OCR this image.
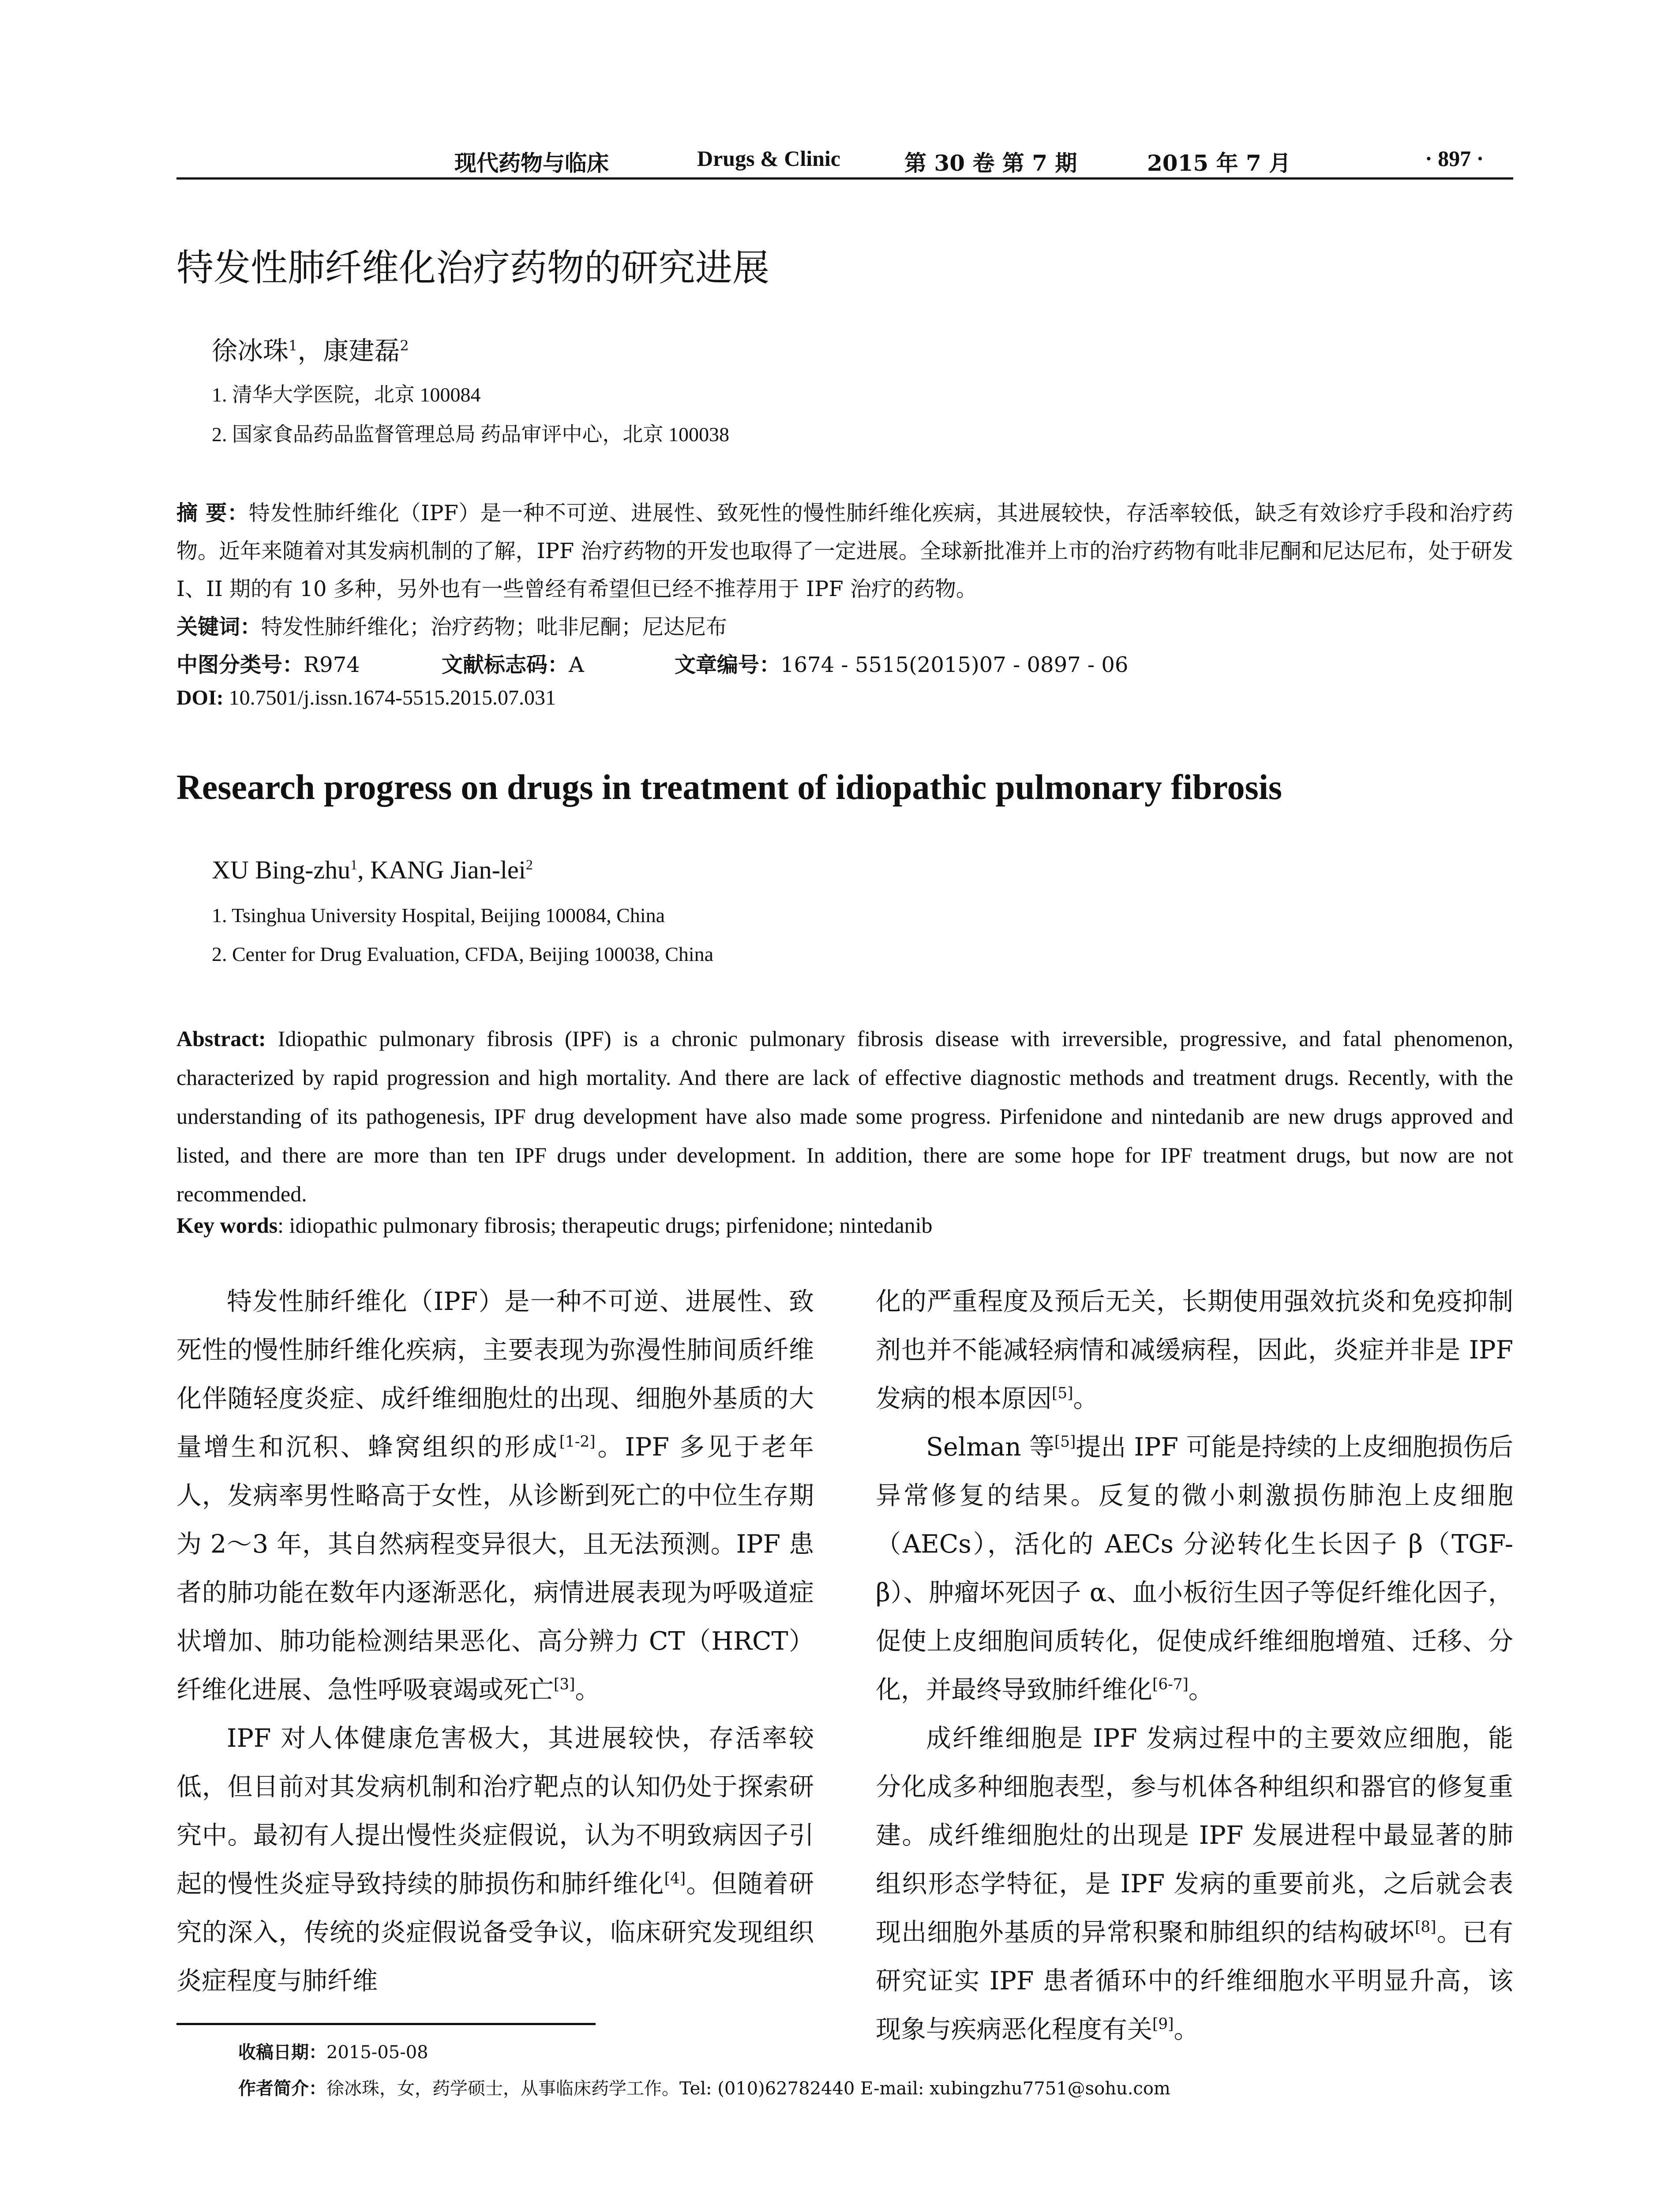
现代药物与临床	Drugs & Clinic	第 30 卷 第 7 期	2015 年 7 月	· 897 ·
特发性肺纤维化治疗药物的研究进展
徐冰珠$^1$，康建磊$^2$
1. 清华大学医院，北京 100084
2. 国家食品药品监督管理总局 药品审评中心，北京 100038
摘 要：特发性肺纤维化（IPF）是一种不可逆、进展性、致死性的慢性肺纤维化疾病，其进展较快，存活率较低，缺乏有效诊疗手段和治疗药物。近年来随着对其发病机制的了解，IPF 治疗药物的开发也取得了一定进展。全球新批准并上市的治疗药物有吡非尼酮和尼达尼布，处于研发 I、II 期的有 10 多种，另外也有一些曾经有希望但已经不推荐用于 IPF 治疗的药物。
关键词：特发性肺纤维化；治疗药物；吡非尼酮；尼达尼布
中图分类号：R974	文献标志码：A	文章编号：1674 - 5515(2015)07 - 0897 - 06
DOI: 10.7501/j.issn.1674-5515.2015.07.031
Research progress on drugs in treatment of idiopathic pulmonary fibrosis
XU Bing-zhu$^1$, KANG Jian-lei$^2$
1. Tsinghua University Hospital, Beijing 100084, China
2. Center for Drug Evaluation, CFDA, Beijing 100038, China
Abstract: Idiopathic pulmonary fibrosis (IPF) is a chronic pulmonary fibrosis disease with irreversible, progressive, and fatal phenomenon, characterized by rapid progression and high mortality. And there are lack of effective diagnostic methods and treatment drugs. Recently, with the understanding of its pathogenesis, IPF drug development have also made some progress. Pirfenidone and nintedanib are new drugs approved and listed, and there are more than ten IPF drugs under development. In addition, there are some hope for IPF treatment drugs, but now are not recommended.
Key words: idiopathic pulmonary fibrosis; therapeutic drugs; pirfenidone; nintedanib

特发性肺纤维化（IPF）是一种不可逆、进展性、致死性的慢性肺纤维化疾病，主要表现为弥漫性肺间质纤维化伴随轻度炎症、成纤维细胞灶的出现、细胞外基质的大量增生和沉积、蜂窝组织的形成[1-2]。IPF 多见于老年人，发病率男性略高于女性，从诊断到死亡的中位生存期为 2～3 年，其自然病程变异很大，且无法预测。IPF 患者的肺功能在数年内逐渐恶化，病情进展表现为呼吸道症状增加、肺功能检测结果恶化、高分辨力 CT（HRCT）纤维化进展、急性呼吸衰竭或死亡[3]。

IPF 对人体健康危害极大，其进展较快，存活率较低，但目前对其发病机制和治疗靶点的认知仍处于探索研究中。最初有人提出慢性炎症假说，认为不明致病因子引起的慢性炎症导致持续的肺损伤和肺纤维化[4]。但随着研究的深入，传统的炎症假说备受争议，临床研究发现组织炎症程度与肺纤维

化的严重程度及预后无关，长期使用强效抗炎和免疫抑制剂也并不能减轻病情和减缓病程，因此，炎症并非是 IPF 发病的根本原因[5]。

Selman 等[5]提出 IPF 可能是持续的上皮细胞损伤后异常修复的结果。反复的微小刺激损伤肺泡上皮细胞（AECs），活化的 AECs 分泌转化生长因子 β（TGF-β）、肿瘤坏死因子 α、血小板衍生因子等促纤维化因子，促使上皮细胞间质转化，促使成纤维细胞增殖、迁移、分化，并最终导致肺纤维化[6-7]。

成纤维细胞是 IPF 发病过程中的主要效应细胞，能分化成多种细胞表型，参与机体各种组织和器官的修复重建。成纤维细胞灶的出现是 IPF 发展进程中最显著的肺组织形态学特征，是 IPF 发病的重要前兆，之后就会表现出细胞外基质的异常积聚和肺组织的结构破坏[8]。已有研究证实 IPF 患者循环中的纤维细胞水平明显升高，该现象与疾病恶化程度有关[9]。

收稿日期：2015-05-08
作者简介：徐冰珠，女，药学硕士，从事临床药学工作。Tel: (010)62782440 E-mail: xubingzhu7751@sohu.com
